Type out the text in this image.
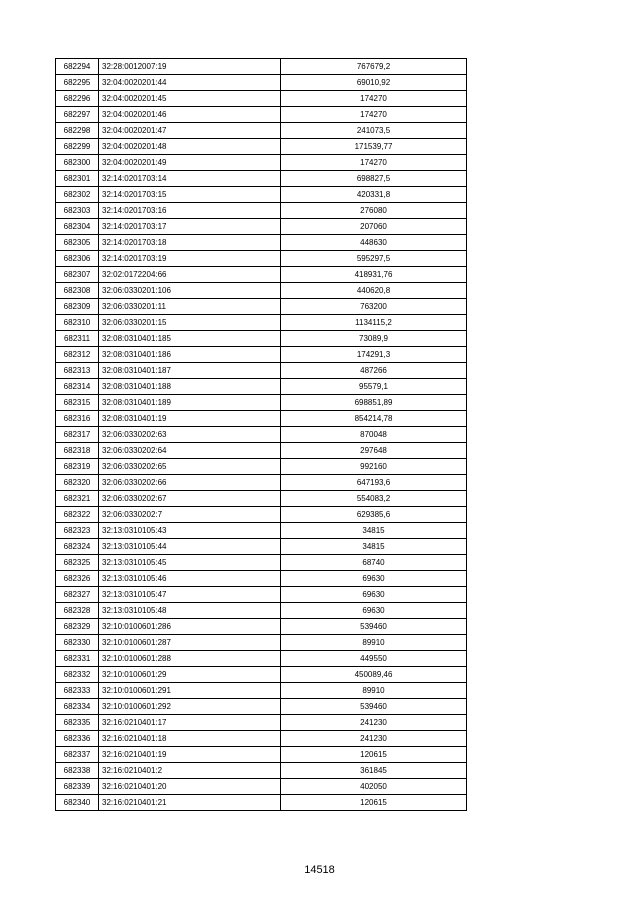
682294	32:28:0012007:19	767679,2
682295	32:04:0020201:44	69010,92
682296	32:04:0020201:45	174270
682297	32:04:0020201:46	174270
682298	32:04:0020201:47	241073,5
682299	32:04:0020201:48	171539,77
682300	32:04:0020201:49	174270
682301	32:14:0201703:14	698827,5
682302	32:14:0201703:15	420331,8
682303	32:14:0201703:16	276080
682304	32:14:0201703:17	207060
682305	32:14:0201703:18	448630
682306	32:14:0201703:19	595297,5
682307	32:02:0172204:66	418931,76
682308	32:06:0330201:106	440620,8
682309	32:06:0330201:11	763200
682310	32:06:0330201:15	1134115,2
682311	32:08:0310401:185	73089,9
682312	32:08:0310401:186	174291,3
682313	32:08:0310401:187	487266
682314	32:08:0310401:188	95579,1
682315	32:08:0310401:189	698851,89
682316	32:08:0310401:19	854214,78
682317	32:06:0330202:63	870048
682318	32:06:0330202:64	297648
682319	32:06:0330202:65	992160
682320	32:06:0330202:66	647193,6
682321	32:06:0330202:67	554083,2
682322	32:06:0330202:7	629385,6
682323	32:13:0310105:43	34815
682324	32:13:0310105:44	34815
682325	32:13:0310105:45	68740
682326	32:13:0310105:46	69630
682327	32:13:0310105:47	69630
682328	32:13:0310105:48	69630
682329	32:10:0100601:286	539460
682330	32:10:0100601:287	89910
682331	32:10:0100601:288	449550
682332	32:10:0100601:29	450089,46
682333	32:10:0100601:291	89910
682334	32:10:0100601:292	539460
682335	32:16:0210401:17	241230
682336	32:16:0210401:18	241230
682337	32:16:0210401:19	120615
682338	32:16:0210401:2	361845
682339	32:16:0210401:20	402050
682340	32:16:0210401:21	120615
14518
